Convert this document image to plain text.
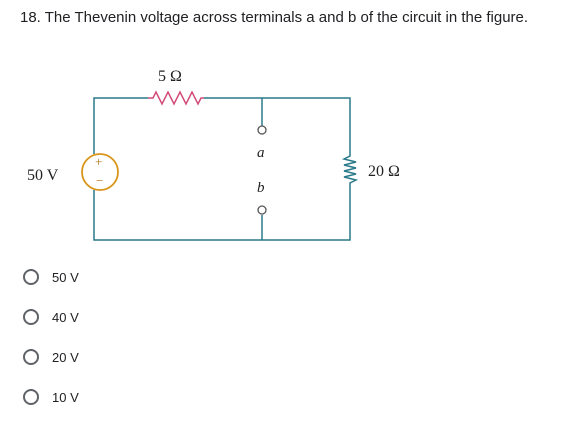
18. The Thevenin voltage across terminals a and b of the circuit in the figure.
5 Ω
20 Ω
+
−
50 V
a
b
50 V
40 V
20 V
10 V
